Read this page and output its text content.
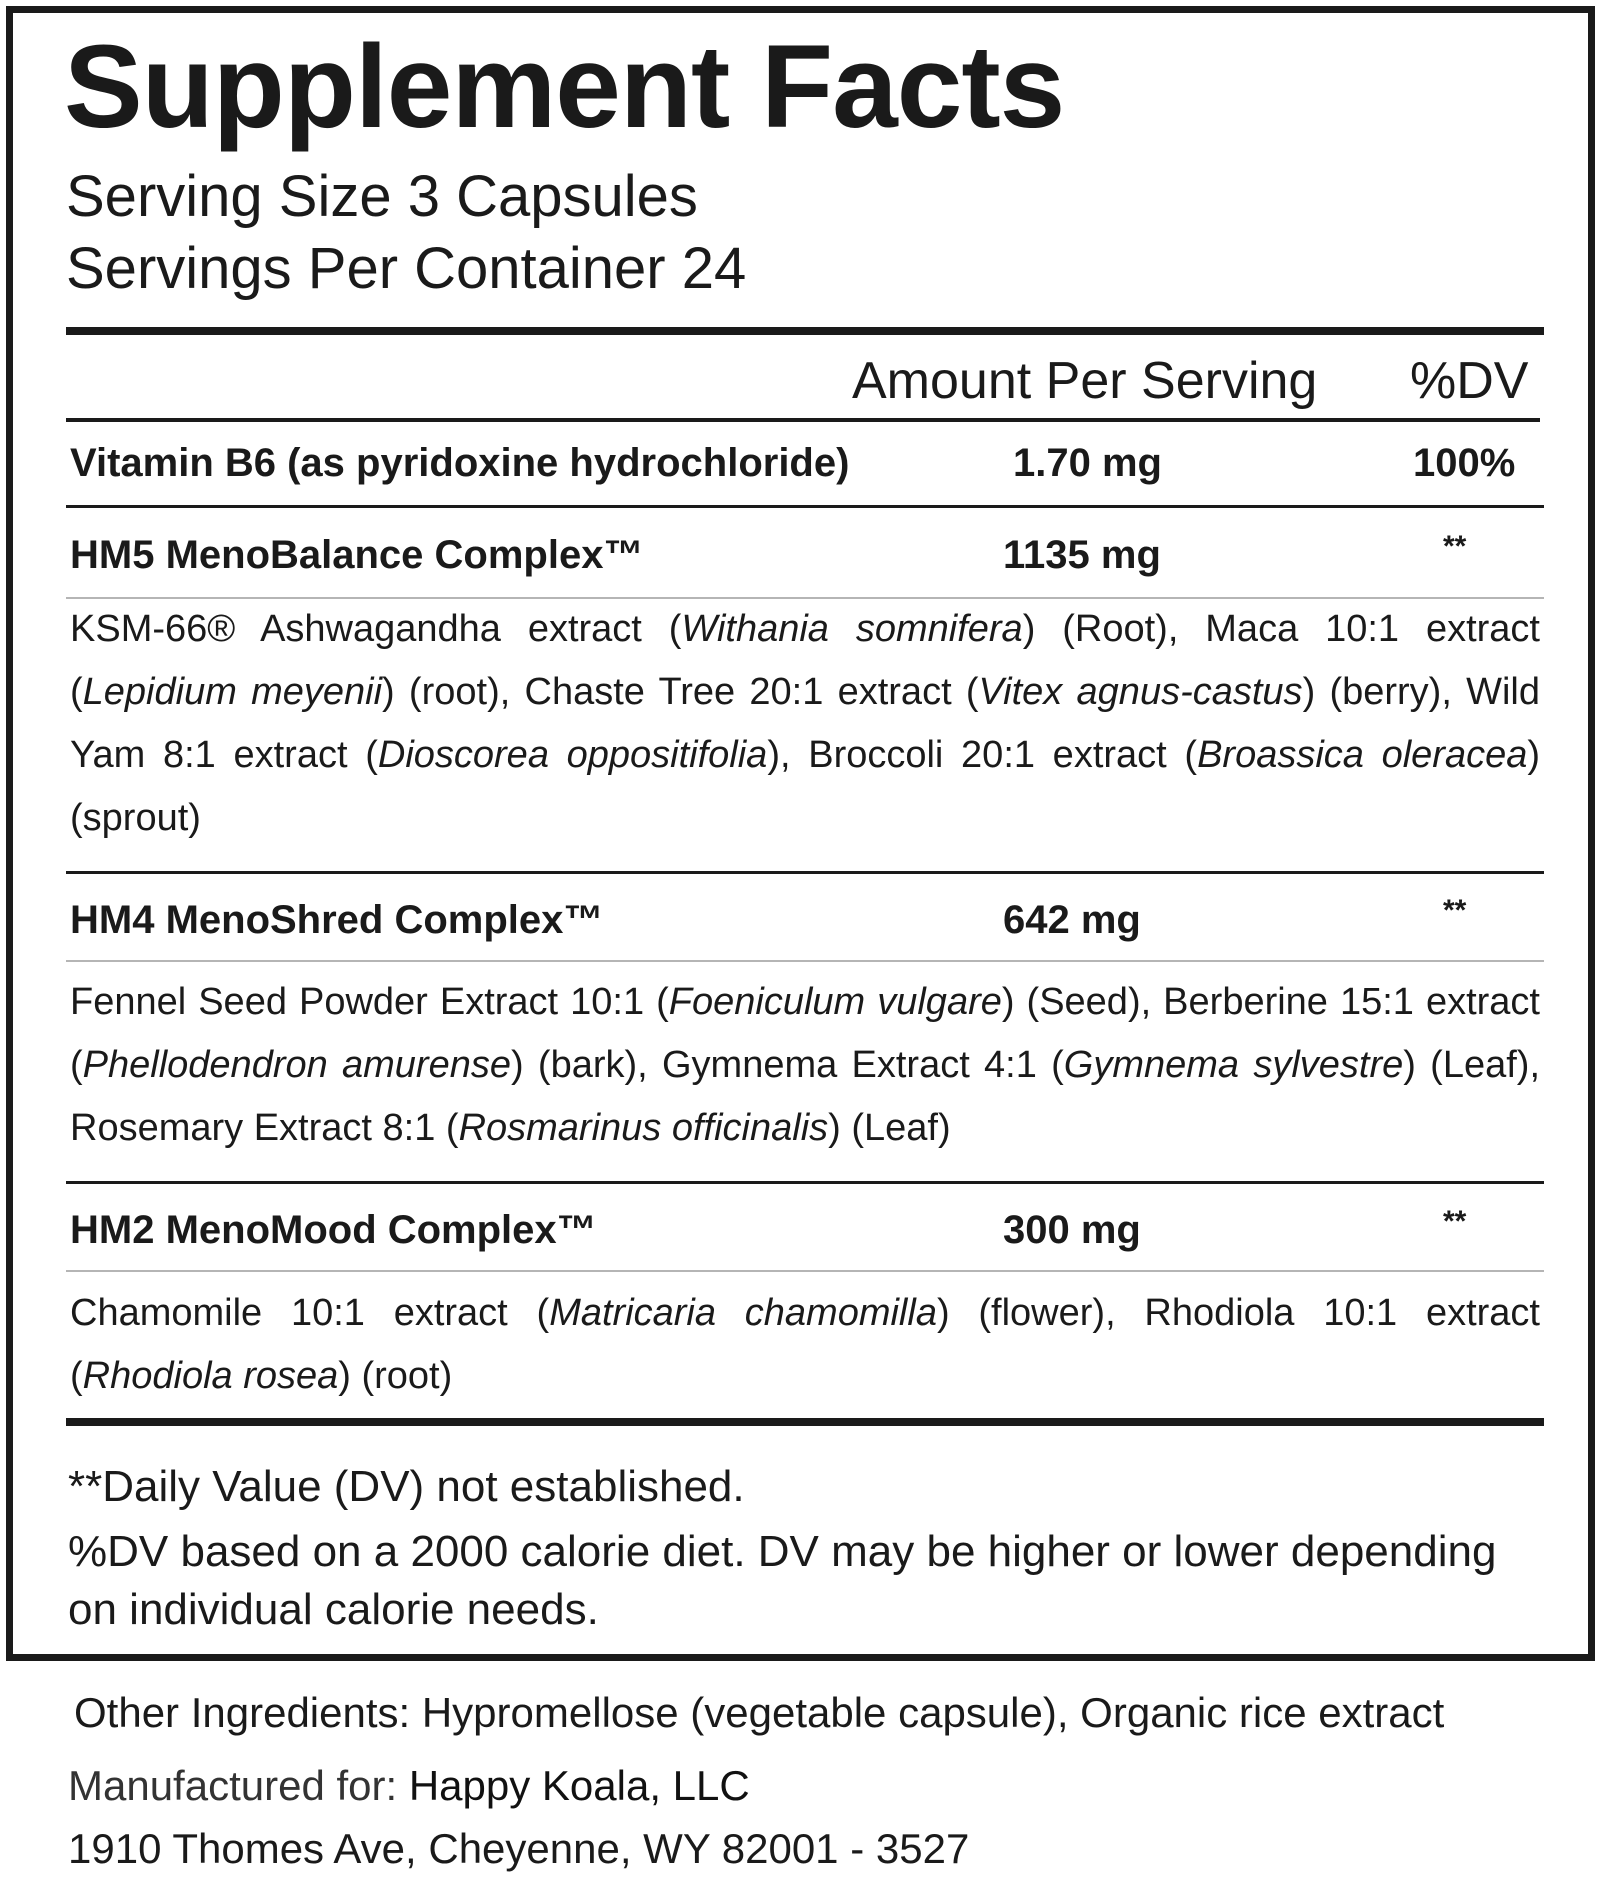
Supplement Facts
Serving Size 3 Capsules
Servings Per Container 24
Amount Per Serving %DV
Vitamin B6 (as pyridoxine hydrochloride)	1.70 mg	100%
HM5 MenoBalance Complex™	1135 mg	**

KSM-66® Ashwagandha extract (Withania somnifera) (Root), Maca 10:1 extract (Lepidium meyenii) (root), Chaste Tree 20:1 extract (Vitex agnus-castus) (berry), Wild Yam 8:1 extract (Dioscorea oppositifolia), Broccoli 20:1 extract (Broassica oleracea) (sprout)

HM4 MenoShred Complex™	642 mg	**

Fennel Seed Powder Extract 10:1 (Foeniculum vulgare) (Seed), Berberine 15:1 extract (Phellodendron amurense) (bark), Gymnema Extract 4:1 (Gymnema sylvestre) (Leaf), Rosemary Extract 8:1 (Rosmarinus officinalis) (Leaf)

HM2 MenoMood Complex™	300 mg	**

Chamomile 10:1 extract (Matricaria chamomilla) (flower), Rhodiola 10:1 extract (Rhodiola rosea) (root)

**Daily Value (DV) not established.
%DV based on a 2000 calorie diet. DV may be higher or lower depending
on individual calorie needs.
Other Ingredients: Hypromellose (vegetable capsule), Organic rice extract
Manufactured for: Happy Koala, LLC
1910 Thomes Ave, Cheyenne, WY 82001 - 3527
